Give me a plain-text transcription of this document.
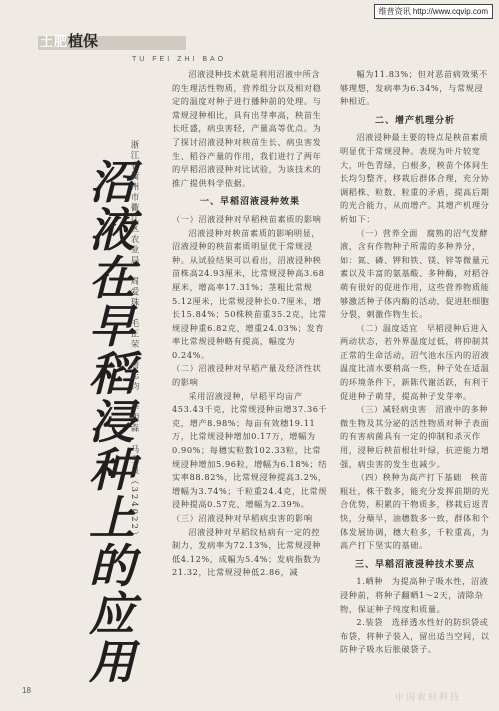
维普资讯 http://www.cqvip.com
土肥植保
TU FEI ZHI BAO
沼
液
在
早
稻
浸
种
上
的
应
用
浙江省衢州市衢江区农业局　周爱珠　毛正荣　詹志钧　李明森　马生良（324022）

沼液浸种技术就是利用沼液中所含的生理活性物质，营养组分以及相对稳定的温度对种子进行播种前的处理。与常规浸种相比，具有出芽率高，秧苗生长旺盛，病虫害轻，产量高等优点。为了探讨沼液浸种对秧苗生长、病虫害发生、稻谷产量的作用，我们进行了两年的早稻沼液浸种对比试验，为该技术的推广提供科学依据。

一、早稻沼液浸种效果

（一）沼液浸种对早稻秧苗素质的影响

沼液浸种对秧苗素质的影响明显，沼液浸种的秧苗素质明显优于常规浸种。从试验结果可以看出，沼液浸种秧苗株高24.93厘米，比常规浸种高3.68厘米，增高率17.31%；茎粗比常规5.12厘米，比常规浸种长0.7厘米，增长15.84%；50株秧苗重35.2克，比常规浸种重6.82克，增重24.03%；发育率比常规浸种略有提高，幅度为0.24%。

（二）沼液浸种对早稻产量及经济性状的影响

采用沼液浸种，早稻平均亩产453.43千克，比常规浸种亩增37.36千克，增产8.98%；每亩有效穗19.11万，比常规浸种增加0.17万，增幅为0.90%；每穗实粒数102.33粒，比常规浸种增加5.96粒，增幅为6.18%；结实率88.82%，比常规浸种提高3.2%，增幅为3.74%；千粒重24.4克，比常规浸种提高0.57克，增幅为2.39%。

（三）沼液浸种对早稻病虫害的影响

沼液浸种对早稻纹枯病有一定的控制力，发病率为72.13%，比常规浸种低4.12%，成幅为5.4%；发病指数为21.32，比常规浸种低2.86，减

幅为11.83%；但对恶苗病效果不够理想，发病率为6.34%，与常规浸种相近。

二、增产机理分析

沼液浸种最主要的特点是秧苗素质明显优于常规浸种。表现为叶片较宽大，叶色青绿，白根多，秧苗个体间生长均匀整齐，移栽后群体合理，充分协调稻株、粒数、粒重的矛盾，提高后期的光合能力，从而增产。其增产机理分析如下：

（一）营养全面　腐熟的沼气发酵液，含有作物种子所需的多种养分，如：氮、磷、钾和铁、镁、锌等微量元素以及丰富的氨基酸、多种酶，对稻谷萌有很好的促进作用，这些营养物质能够激活种子体内酶的活动，促进胚细胞分裂，刺激作物生长。

（二）温度适宜　早稻浸种后进入两动状态，若外界温度过低，将抑制其正常的生命活动，沼气池水压内的沼液温度比清水要稍高一些，种子处在适温的环境条件下，新陈代谢活跃，有利于促进种子萌芽，提高种子发芽率。

（三）减轻病虫害　沼液中的多种微生物及其分泌的活性物质对种子表面的有害病菌具有一定的抑制和杀灭作用，浸种后秧苗根壮叶绿，抗逆能力增强，病虫害的发生也减少。

（四）秧种为高产打下基础　秧苗粗壮，株干数多，能充分发挥前期的光合优势，积累的干物质多，移栽后返青快，分蘖早，油穗数多一致，群体和个体发展协调，穗大粒多，千粒重高，为高产打下坚实的基础。

三、早稻沼液浸种技术要点

1.晒种　为提高种子吸水性，沼液浸种前，将种子翻晒1～2天，清除杂物，保证种子纯度和质量。

2.装袋　选择透水性好的防织袋或布袋，将种子装入，留出适当空间，以防种子吸水后胀破袋子。

18
中国农村科技
